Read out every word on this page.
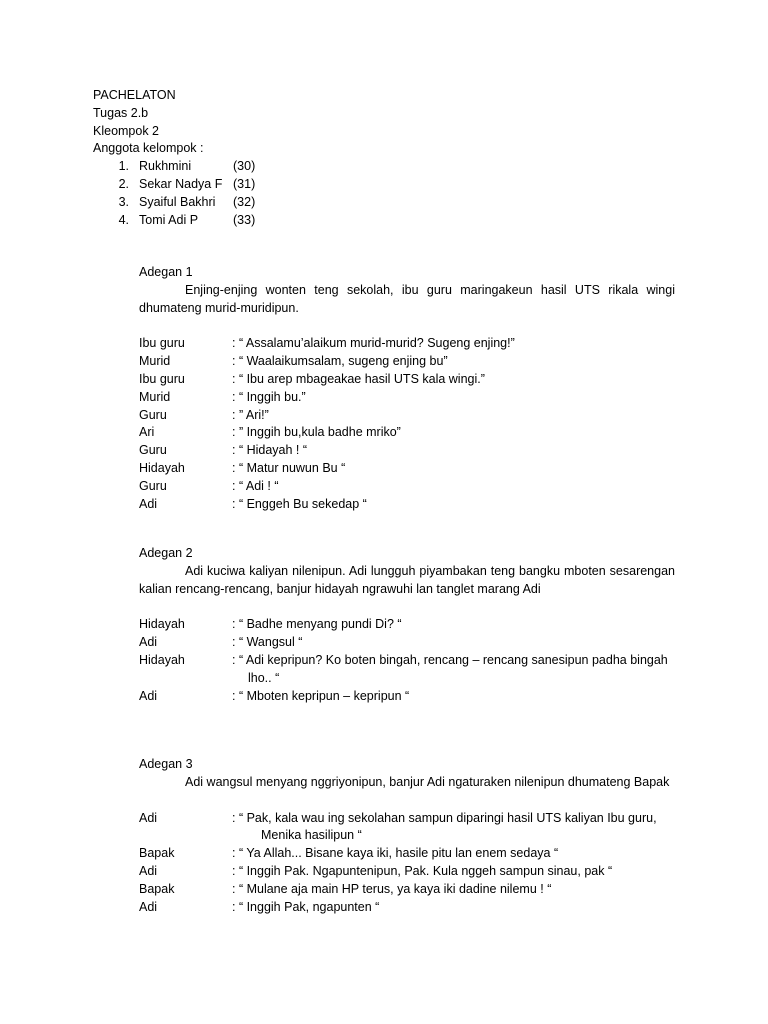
PACHELATON

Tugas 2.b

Kleompok 2

Anggota kelompok :

1. Rukhmini	(30)
2. Sekar Nadya F (31)
3. Syaiful Bakhri	(32)
4. Tomi Adi P	(33)

Adegan 1

Enjing-enjing wonten teng sekolah, ibu guru maringakeun hasil UTS rikala wingi dhumateng murid-muridipun.

Ibu guru	: “ Assalamu’alaikum murid-murid? Sugeng enjing!”
Murid	: “ Waalaikumsalam, sugeng enjing bu”
Ibu guru	: “ Ibu arep mbageakae hasil UTS kala wingi.”
Murid	: “ Inggih bu.”
Guru	: ” Ari!”
Ari	: ” Inggih bu,kula badhe mriko”
Guru	: “ Hidayah ! “
Hidayah	: “ Matur nuwun Bu “
Guru	: “ Adi ! “
Adi	: “ Enggeh Bu sekedap “

Adegan 2

Adi kuciwa kaliyan nilenipun. Adi lungguh piyambakan teng bangku mboten sesarengan kalian rencang-rencang, banjur hidayah ngrawuhi lan tanglet marang Adi

Hidayah	: “ Badhe menyang pundi Di? “
Adi	: “ Wangsul “
Hidayah	: “ Adi kepripun? Ko boten bingah, rencang – rencang sanesipun padha bingah
lho.. “
Adi	: “ Mboten kepripun – kepripun “

Adegan 3

Adi wangsul menyang nggriyonipun, banjur Adi ngaturaken nilenipun dhumateng Bapak

Adi	: “ Pak, kala wau ing sekolahan sampun diparingi hasil UTS kaliyan Ibu guru,
Menika hasilipun “
Bapak	: “ Ya Allah... Bisane kaya iki, hasile pitu lan enem sedaya “
Adi	: “ Inggih Pak. Ngapuntenipun, Pak. Kula nggeh sampun sinau, pak “
Bapak	: “ Mulane aja main HP terus, ya kaya iki dadine nilemu ! “
Adi	: “ Inggih Pak, ngapunten “
